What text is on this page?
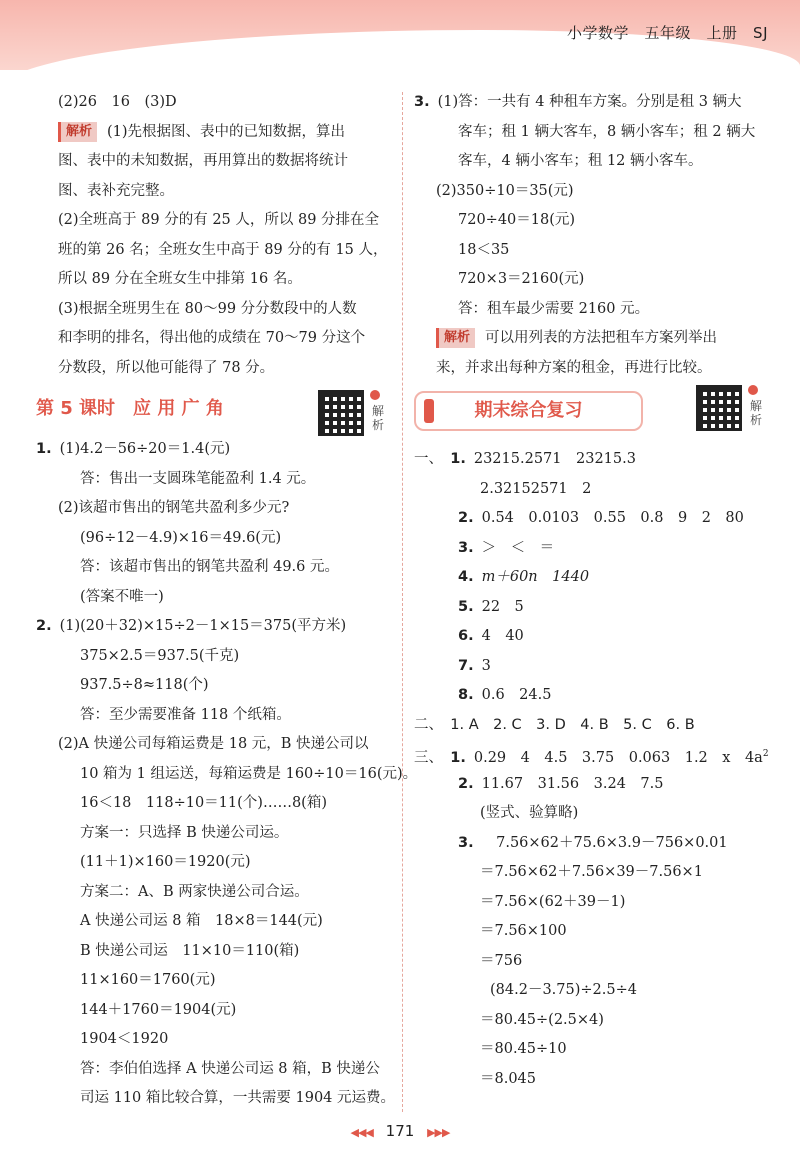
小学数学　五年级　上册　SJ
(2)26　16　(3)D
解析 (1)先根据图、表中的已知数据，算出
图、表中的未知数据，再用算出的数据将统计
图、表补充完整。
(2)全班高于 89 分的有 25 人，所以 89 分排在全
班的第 26 名；全班女生中高于 89 分的有 15 人，
所以 89 分在全班女生中排第 16 名。
(3)根据全班男生在 80～99 分分数段中的人数
和李明的排名，得出他的成绩在 70～79 分这个
分数段，所以他可能得了 78 分。
第 5 课时　应 用 广 角
1. (1)4.2－56÷20＝1.4(元)
答：售出一支圆珠笔能盈利 1.4 元。
(2)该超市售出的钢笔共盈利多少元?
(96÷12－4.9)×16＝49.6(元)
答：该超市售出的钢笔共盈利 49.6 元。
(答案不唯一)
2. (1)(20＋32)×15÷2－1×15＝375(平方米)
375×2.5＝937.5(千克)
937.5÷8≈118(个)
答：至少需要准备 118 个纸箱。
(2)A 快递公司每箱运费是 18 元，B 快递公司以
10 箱为 1 组运送，每箱运费是 160÷10＝16(元)。
16＜18　118÷10＝11(个)……8(箱)
方案一：只选择 B 快递公司运。
(11＋1)×160＝1920(元)
方案二：A、B 两家快递公司合运。
A 快递公司运 8 箱　18×8＝144(元)
B 快递公司运　11×10＝110(箱)
11×160＝1760(元)
144＋1760＝1904(元)
1904＜1920
答：李伯伯选择 A 快递公司运 8 箱，B 快递公
司运 110 箱比较合算，一共需要 1904 元运费。
解析
3. (1)答：一共有 4 种租车方案。分别是租 3 辆大
客车；租 1 辆大客车，8 辆小客车；租 2 辆大
客车，4 辆小客车；租 12 辆小客车。
(2)350÷10＝35(元)
720÷40＝18(元)
18＜35
720×3＝2160(元)
答：租车最少需要 2160 元。
解析 可以用列表的方法把租车方案列举出
来，并求出每种方案的租金，再进行比较。
期末综合复习
一、　 1. 23215.2571　23215.3
2.32152571　2
2. 0.54　0.0103　0.55　0.8　9　2　80
3. ＞　＜　＝
4. m＋60n　1440
5. 22　5
6. 4　40
7. 3
8. 0.6　24.5
二、　 1. A　2. C　3. D　4. B　5. C　6. B
三、　 1. 0.29　4　4.5　3.75　0.063　1.2　x　$4a^2$
2. 11.67　31.56　3.24　7.5
(竖式、验算略)
3.　 7.56×62＋75.6×3.9－756×0.01
＝7.56×62＋7.56×39－7.56×1
＝7.56×(62＋39－1)
＝7.56×100
＝756
(84.2－3.75)÷2.5÷4
＝80.45÷(2.5×4)
＝80.45÷10
＝8.045
解析
◀◀◀ 171 ▶▶▶
